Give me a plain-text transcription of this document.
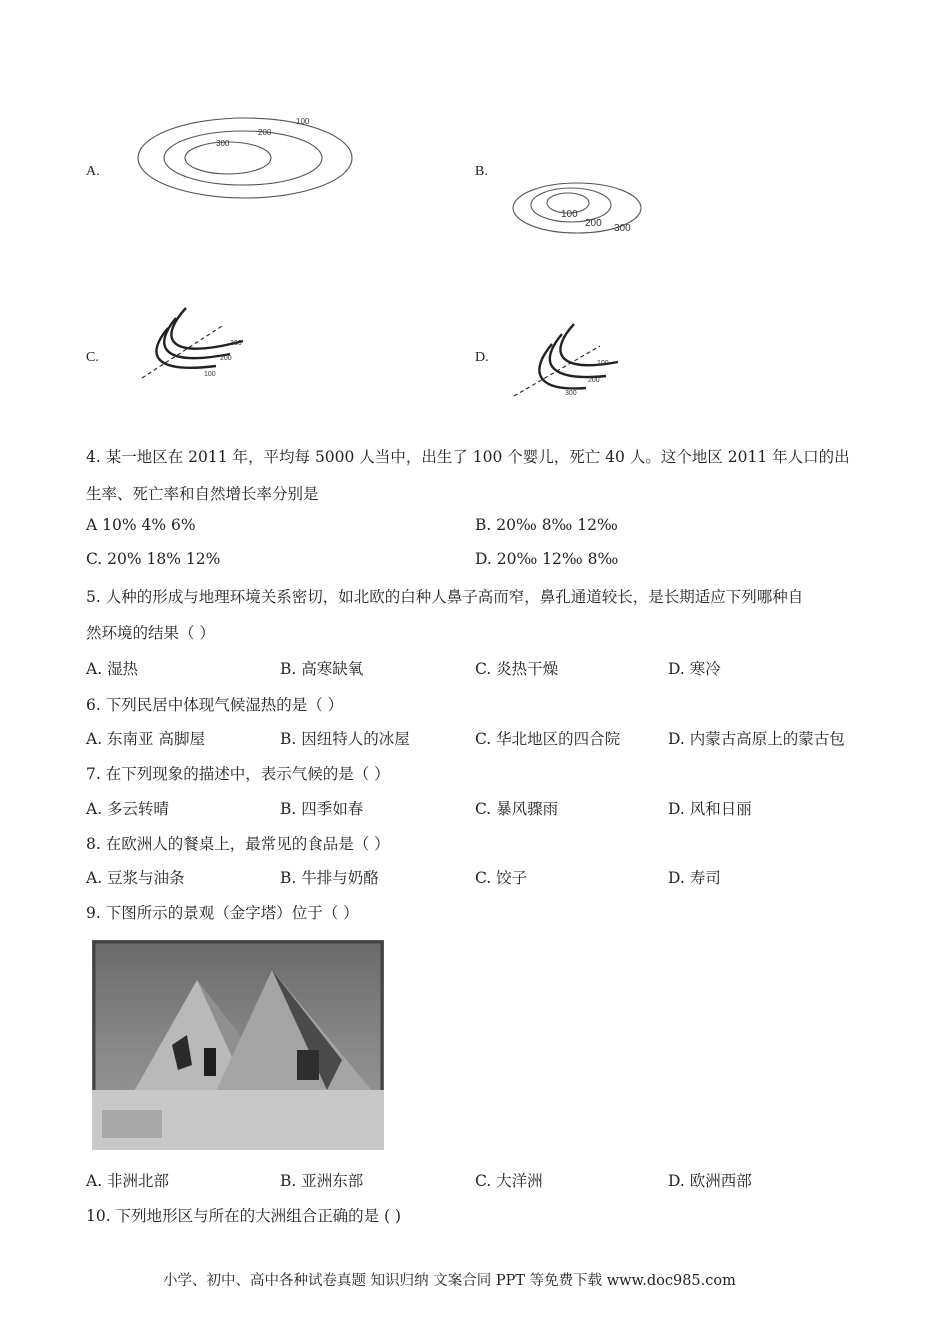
A.
100
200
300
B.
100
200 300
C.
300
200
100
D.	100
200
300
4. 某一地区在 2011 年，平均每 5000 人当中，出生了 100 个婴儿，死亡 40 人。这个地区 2011 年人口的出
生率、死亡率和自然增长率分别是
A 10% 4% 6%	B. 20‰ 8‰ 12‰
C. 20% 18% 12%	D. 20‰ 12‰ 8‰
5. 人种的形成与地理环境关系密切，如北欧的白种人鼻子高而窄，鼻孔通道较长，是长期适应下列哪种自
然环境的结果（ ）
A. 湿热	B. 高寒缺氧	C. 炎热干燥	D. 寒冷
6. 下列民居中体现气候湿热的是（ ）
A. 东南亚 高脚屋	B. 因纽特人的冰屋	C. 华北地区的四合院	D. 内蒙古高原上的蒙古包
7. 在下列现象的描述中，表示气候的是（ ）
A. 多云转晴	B. 四季如春	C. 暴风骤雨	D. 风和日丽
8. 在欧洲人的餐桌上，最常见的食品是（ ）
A. 豆浆与油条	B. 牛排与奶酪	C. 饺子	D. 寿司
9. 下图所示的景观（金字塔）位于（ ）
A. 非洲北部	B. 亚洲东部	C. 大洋洲	D. 欧洲西部
10. 下列地形区与所在的大洲组合正确的是 ( )
小学、初中、高中各种试卷真题 知识归纳 文案合同 PPT 等免费下载 www.doc985.com
